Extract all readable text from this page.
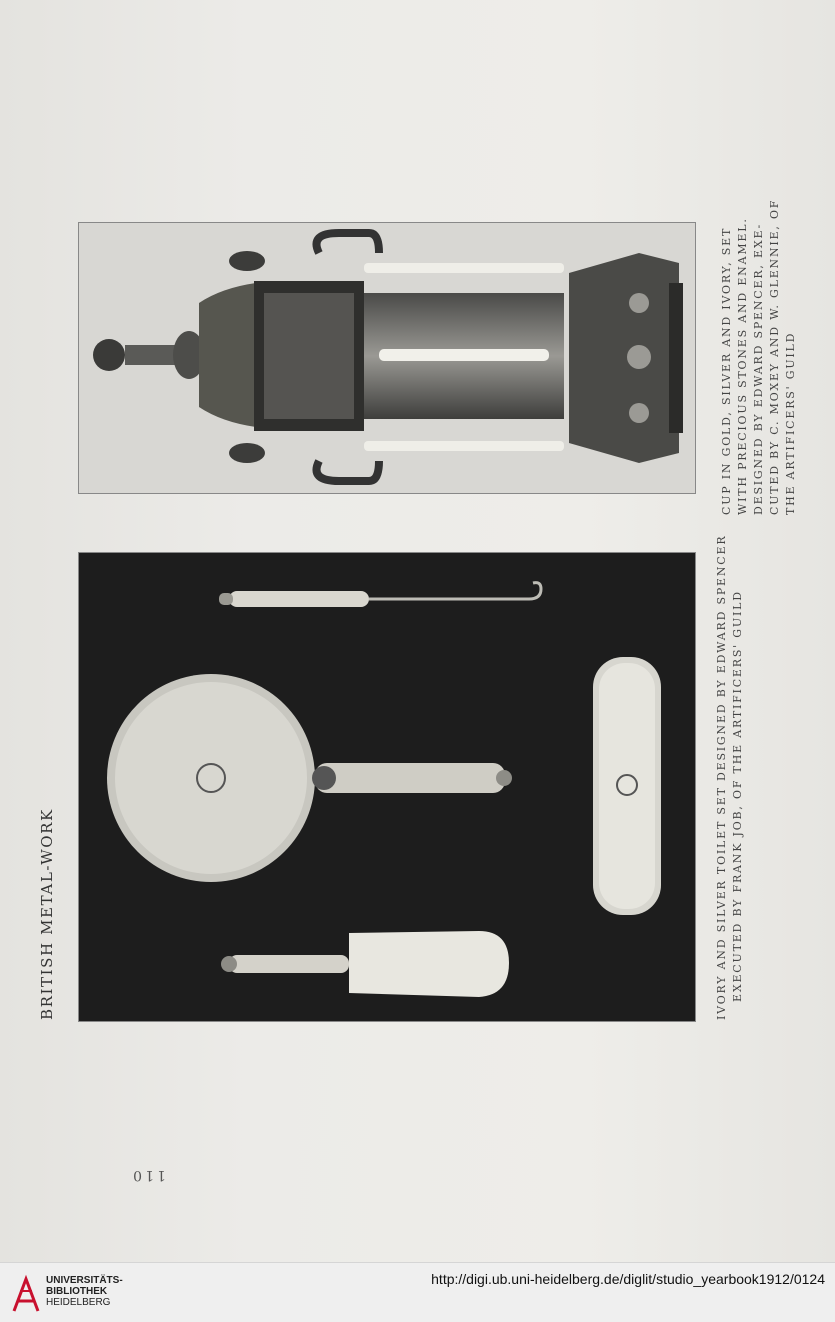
BRITISH METAL-WORK
CUP IN GOLD, SILVER AND IVORY, SET WITH PRECIOUS STONES AND ENAMEL. DESIGNED BY EDWARD SPENCER, EXE-CUTED BY C. MOXEY AND W. GLENNIE, OF THE ARTIFICERS' GUILD
IVORY AND SILVER TOILET SET DESIGNED BY EDWARD SPENCER EXECUTED BY FRANK JOB, OF THE ARTIFICERS' GUILD
110
UNIVERSITÄTS-
BIBLIOTHEK
HEIDELBERG
http://digi.ub.uni-heidelberg.de/diglit/studio_yearbook1912/0124
